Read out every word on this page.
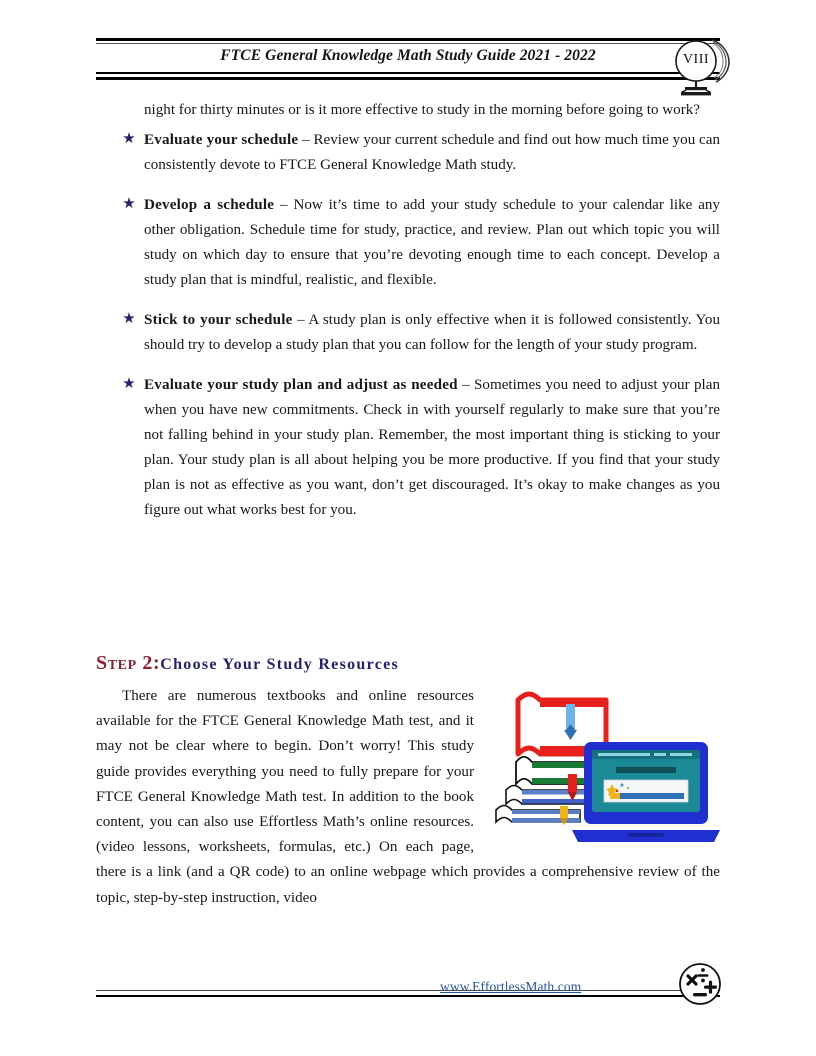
FTCE General Knowledge Math Study Guide 2021 - 2022	VIII

night for thirty minutes or is it more effective to study in the morning before going to work?

★ Evaluate your schedule – Review your current schedule and find out how much time you can consistently devote to FTCE General Knowledge Math study.
★ Develop a schedule – Now it’s time to add your study schedule to your calendar like any other obligation. Schedule time for study, practice, and review. Plan out which topic you will study on which day to ensure that you’re devoting enough time to each concept. Develop a study plan that is mindful, realistic, and flexible.
★ Stick to your schedule – A study plan is only effective when it is followed consistently. You should try to develop a study plan that you can follow for the length of your study program.
★ Evaluate your study plan and adjust as needed – Sometimes you need to adjust your plan when you have new commitments. Check in with yourself regularly to make sure that you’re not falling behind in your study plan. Remember, the most important thing is sticking to your plan. Your study plan is all about helping you be more productive. If you find that your study plan is not as effective as you want, don’t get discouraged. It’s okay to make changes as you figure out what works best for you.
Step 2:Choose Your Study Resources

There are numerous textbooks and online resources available for the FTCE General Knowledge Math test, and it may not be clear where to begin. Don’t worry! This study guide provides everything you need to fully prepare for your FTCE General Knowledge Math test. In addition to the book content, you can also use Effortless Math’s online resources. (video lessons, worksheets, formulas, etc.) On each page, there is a link (and a QR code) to an online webpage which provides a comprehensive review of the topic, step-by-step instruction, video

www.EffortlessMath.com
